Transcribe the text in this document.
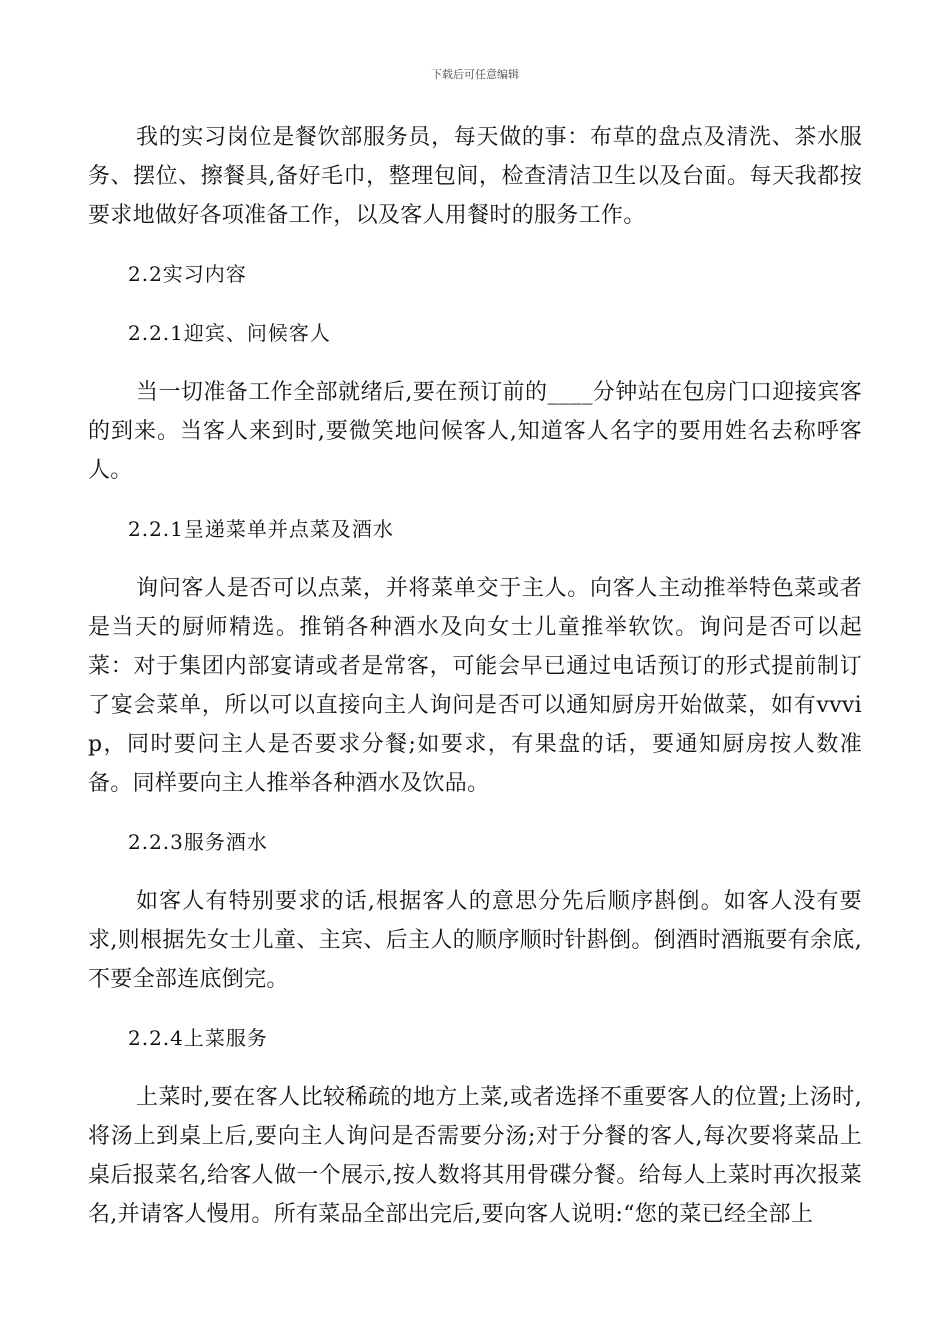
下载后可任意编辑

我的实习岗位是餐饮部服务员，每天做的事：布草的盘点及清洗、茶水服务、摆位、擦餐具,备好毛巾，整理包间，检查清洁卫生以及台面。每天我都按要求地做好各项准备工作，以及客人用餐时的服务工作。

2.2实习内容

2.2.1迎宾、问候客人

当一切准备工作全部就绪后,要在预订前的____分钟站在包房门口迎接宾客的到来。当客人来到时,要微笑地问候客人,知道客人名字的要用姓名去称呼客人。

2.2.1呈递菜单并点菜及酒水

询问客人是否可以点菜，并将菜单交于主人。向客人主动推举特色菜或者是当天的厨师精选。推销各种酒水及向女士儿童推举软饮。询问是否可以起菜：对于集团内部宴请或者是常客，可能会早已通过电话预订的形式提前制订了宴会菜单，所以可以直接向主人询问是否可以通知厨房开始做菜，如有vvvip，同时要问主人是否要求分餐;如要求，有果盘的话，要通知厨房按人数准备。同样要向主人推举各种酒水及饮品。

2.2.3服务酒水

如客人有特别要求的话,根据客人的意思分先后顺序斟倒。如客人没有要求,则根据先女士儿童、主宾、后主人的顺序顺时针斟倒。倒酒时酒瓶要有余底,不要全部连底倒完。

2.2.4上菜服务

上菜时,要在客人比较稀疏的地方上菜,或者选择不重要客人的位置;上汤时,将汤上到桌上后,要向主人询问是否需要分汤;对于分餐的客人,每次要将菜品上桌后报菜名,给客人做一个展示,按人数将其用骨碟分餐。给每人上菜时再次报菜名,并请客人慢用。所有菜品全部出完后,要向客人说明:“您的菜已经全部上
